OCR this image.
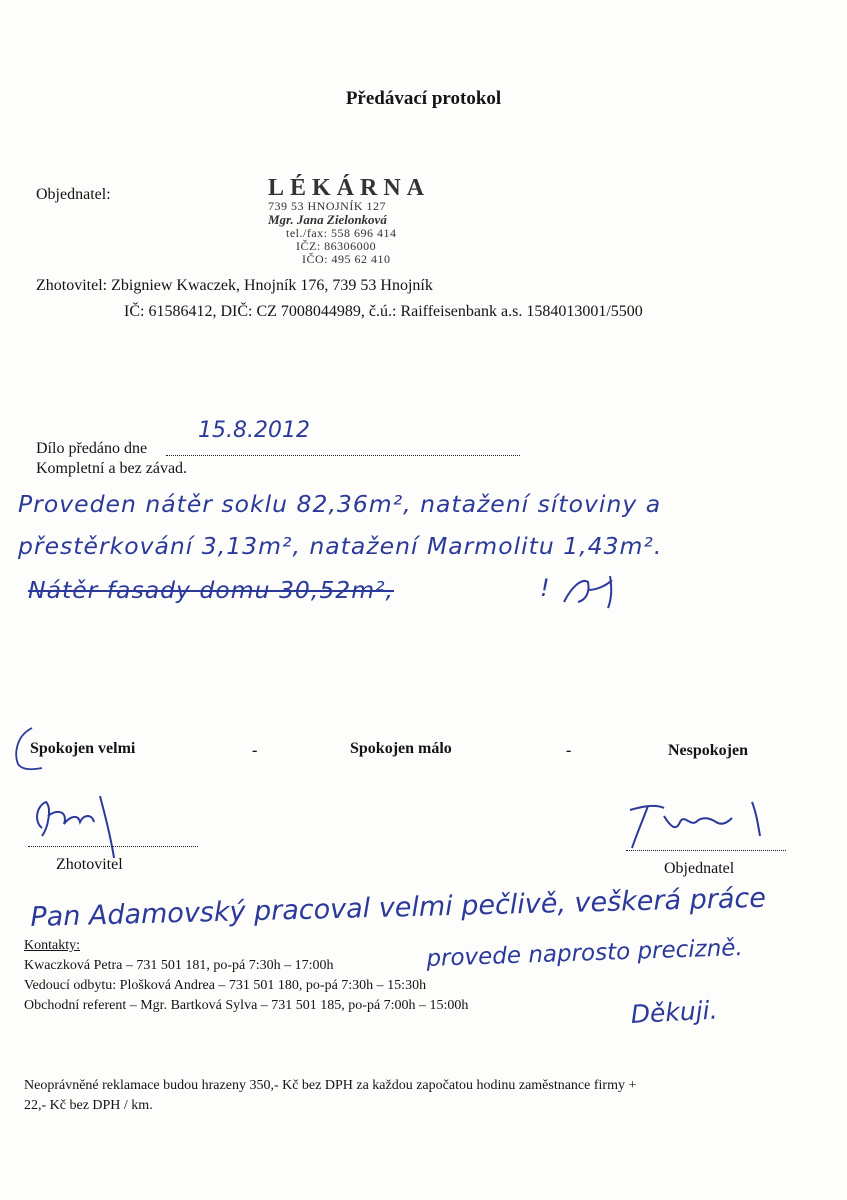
Předávací protokol
Objednatel:	LÉKÁRNA
739 53 HNOJNÍK 127
Mgr. Jana Zielonková
tel./fax: 558 696 414
IČZ: 86306000
IČO: 495 62 410
Zhotovitel: Zbigniew Kwaczek, Hnojník 176, 739 53 Hnojník
IČ: 61586412, DIČ: CZ 7008044989, č.ú.: Raiffeisenbank a.s. 1584013001/5500
Dílo předáno dne
15.8.2012
Kompletní a bez závad.
Proveden nátěr soklu 82,36m², natažení sítoviny a
přestěrkování 3,13m², natažení Marmolitu 1,43m².
Nátěr fasady domu 30,52m²,	!
Spokojen velmi	-	Spokojen málo	-	Nespokojen
Zhotovitel	Objednatel
Pan Adamovský pracoval velmi pečlivě, veškerá práce
provede naprosto precizně.
Děkuji.
Kontakty:
Kwaczková Petra – 731 501 181, po-pá 7:30h – 17:00h
Vedoucí odbytu: Plošková Andrea – 731 501 180, po-pá 7:30h – 15:30h
Obchodní referent – Mgr. Bartková Sylva – 731 501 185, po-pá 7:00h – 15:00h
Neoprávněné reklamace budou hrazeny 350,- Kč bez DPH za každou započatou hodinu zaměstnance firmy +
22,- Kč bez DPH / km.
